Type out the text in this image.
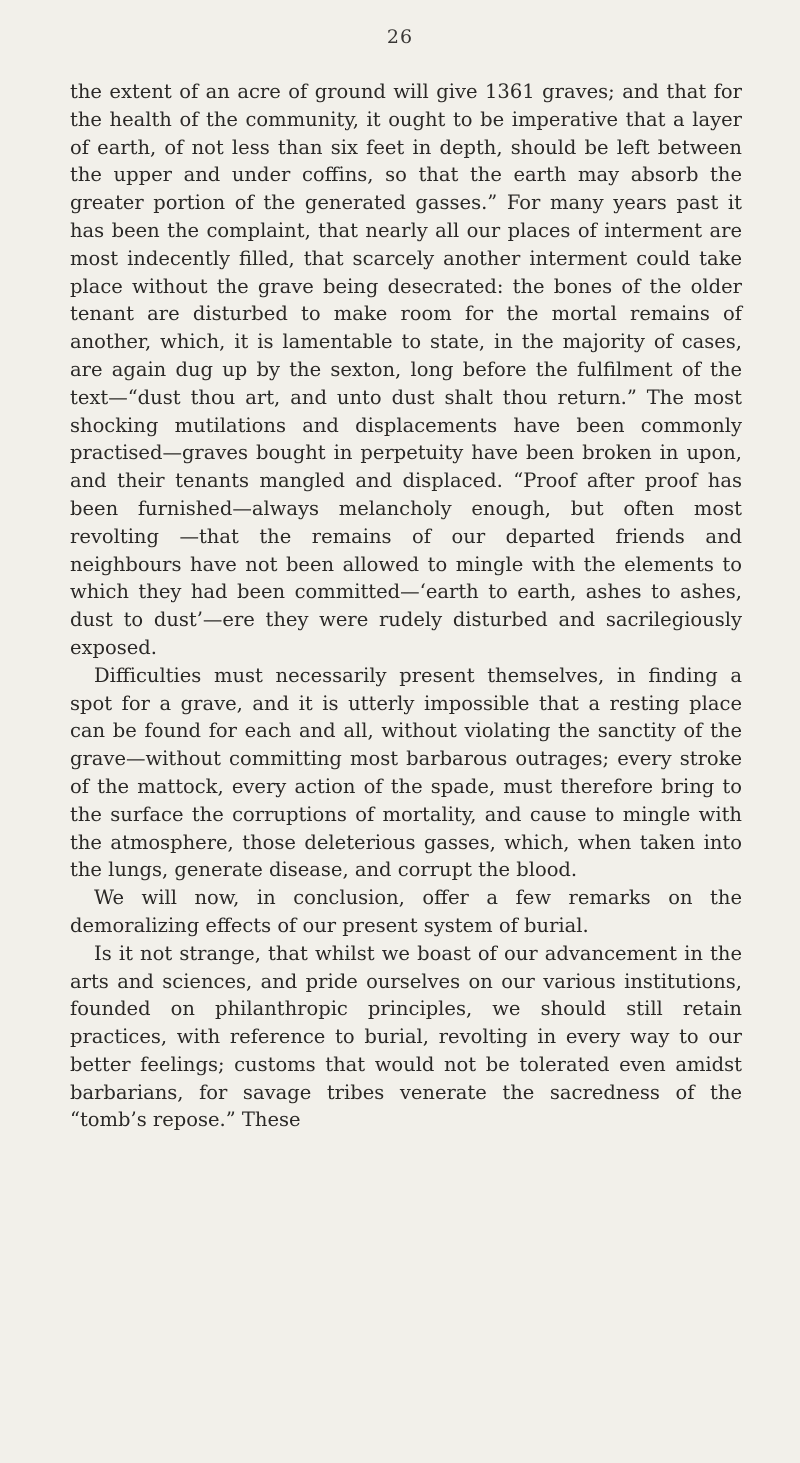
26

the extent of an acre of ground will give 1361 graves; and that for the health of the community, it ought to be imperative that a layer of earth, of not less than six feet in depth, should be left between the upper and under coffins, so that the earth may absorb the greater portion of the generated gasses.” For many years past it has been the complaint, that nearly all our places of interment are most indecently filled, that scarcely another interment could take place without the grave being desecrated: the bones of the older tenant are disturbed to make room for the mortal remains of another, which, it is lamentable to state, in the majority of cases, are again dug up by the sexton, long before the fulfilment of the text—“dust thou art, and unto dust shalt thou return.” The most shocking mutilations and displacements have been commonly practised—graves bought in perpetuity have been broken in upon, and their tenants mangled and displaced. “Proof after proof has been furnished—always melancholy enough, but often most revolting —that the remains of our departed friends and neighbours have not been allowed to mingle with the elements to which they had been committed—‘earth to earth, ashes to ashes, dust to dust’—ere they were rudely disturbed and sacrilegiously exposed.

Difficulties must necessarily present themselves, in finding a spot for a grave, and it is utterly impossible that a resting place can be found for each and all, without violating the sanctity of the grave—without committing most barbarous outrages; every stroke of the mattock, every action of the spade, must therefore bring to the surface the corruptions of mortality, and cause to mingle with the atmosphere, those deleterious gasses, which, when taken into the lungs, generate disease, and corrupt the blood.

We will now, in conclusion, offer a few remarks on the demoralizing effects of our present system of burial.

Is it not strange, that whilst we boast of our advancement in the arts and sciences, and pride ourselves on our various institutions, founded on philanthropic principles, we should still retain practices, with reference to burial, revolting in every way to our better feelings; customs that would not be tolerated even amidst barbarians, for savage tribes venerate the sacredness of the “tomb’s repose.” These
